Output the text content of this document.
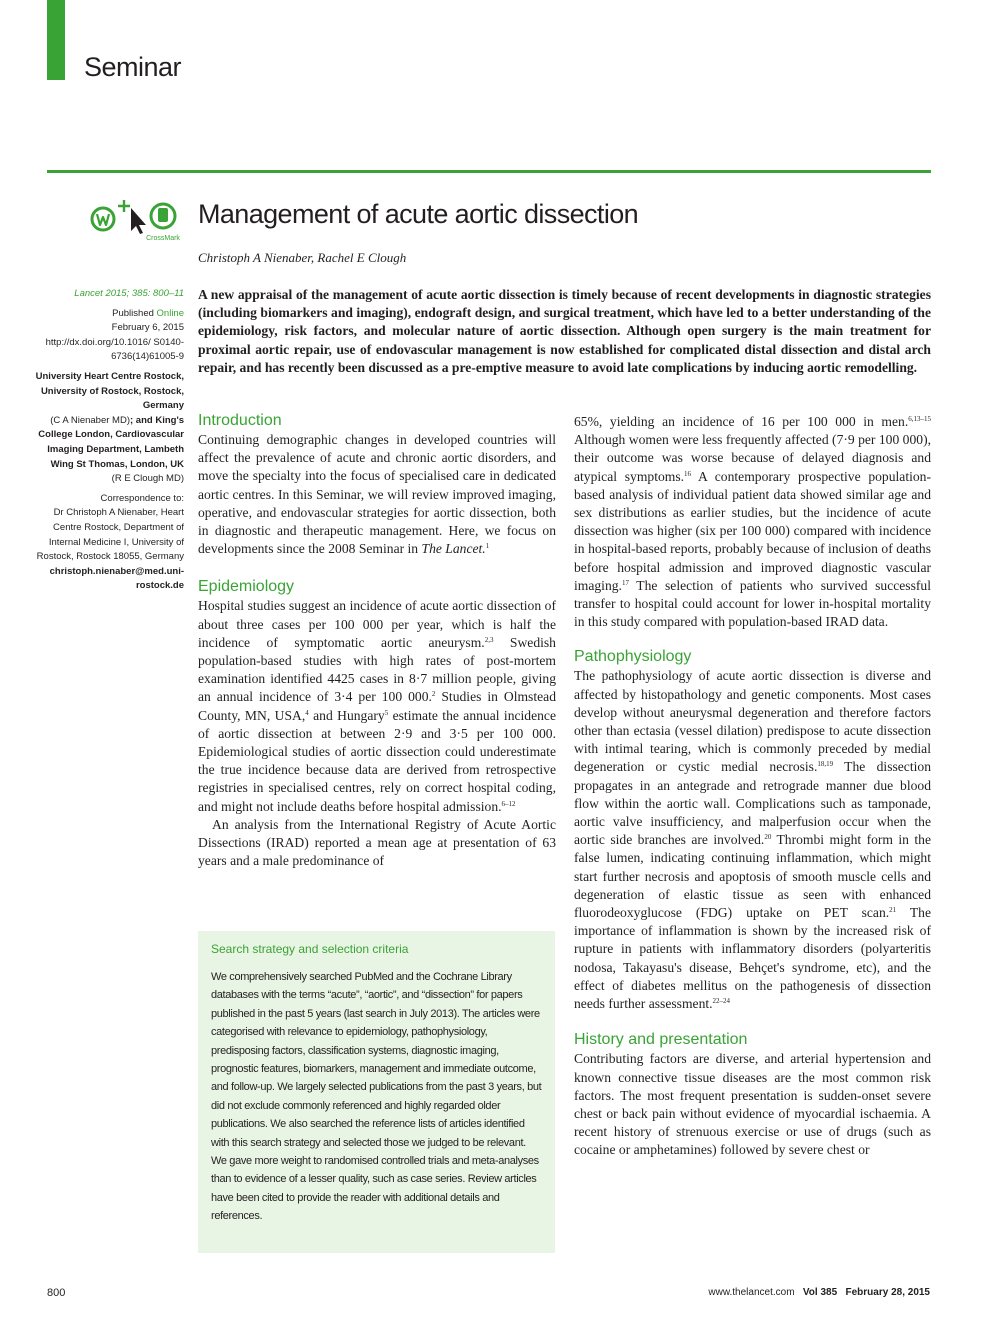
Seminar
CrossMark
Management of acute aortic dissection
Christoph A Nienaber, Rachel E Clough

Lancet 2015; 385: 800–11

Published Online
February 6, 2015
http://dx.doi.org/10.1016/ S0140-6736(14)61005-9

University Heart Centre Rostock, University of Rostock, Rostock, Germany
(C A Nienaber MD); and King's College London, Cardiovascular Imaging Department, Lambeth Wing St Thomas, London, UK
(R E Clough MD)

Correspondence to:
Dr Christoph A Nienaber, Heart Centre Rostock, Department of Internal Medicine I, University of Rostock, Rostock 18055, Germany
christoph.nienaber@med.uni-rostock.de

A new appraisal of the management of acute aortic dissection is timely because of recent developments in diagnostic strategies (including biomarkers and imaging), endograft design, and surgical treatment, which have led to a better understanding of the epidemiology, risk factors, and molecular nature of aortic dissection. Although open surgery is the main treatment for proximal aortic repair, use of endovascular management is now established for complicated distal dissection and distal arch repair, and has recently been discussed as a pre-emptive measure to avoid late complications by inducing aortic remodelling.
Introduction

Continuing demographic changes in developed countries will affect the prevalence of acute and chronic aortic disorders, and move the specialty into the focus of specialised care in dedicated aortic centres. In this Seminar, we will review improved imaging, operative, and endovascular strategies for aortic dissection, both in diagnostic and therapeutic management. Here, we focus on developments since the 2008 Seminar in The Lancet.$^1$

Epidemiology

Hospital studies suggest an incidence of acute aortic dissection of about three cases per 100 000 per year, which is half the incidence of symptomatic aortic aneurysm.$^{2,3}$ Swedish population-based studies with high rates of post-mortem examination identified 4425 cases in 8·7 million people, giving an annual incidence of 3·4 per 100 000.$^2$ Studies in Olmstead County, MN, USA,$^4$ and Hungary$^5$ estimate the annual incidence of aortic dissection at between 2·9 and 3·5 per 100 000. Epidemiological studies of aortic dissection could underestimate the true incidence because data are derived from retrospective registries in specialised centres, rely on correct hospital coding, and might not include deaths before hospital admission.$^{6-12}$

An analysis from the International Registry of Acute Aortic Dissections (IRAD) reported a mean age at presentation of 63 years and a male predominance of

Search strategy and selection criteria

We comprehensively searched PubMed and the Cochrane Library databases with the terms “acute”, “aortic”, and “dissection” for papers published in the past 5 years (last search in July 2013). The articles were categorised with relevance to epidemiology, pathophysiology, predisposing factors, classification systems, diagnostic imaging, prognostic features, biomarkers, management and immediate outcome, and follow-up. We largely selected publications from the past 3 years, but did not exclude commonly referenced and highly regarded older publications. We also searched the reference lists of articles identified with this search strategy and selected those we judged to be relevant. We gave more weight to randomised controlled trials and meta-analyses than to evidence of a lesser quality, such as case series. Review articles have been cited to provide the reader with additional details and references.

65%, yielding an incidence of 16 per 100 000 in men.$^{6,13-15}$ Although women were less frequently affected (7·9 per 100 000), their outcome was worse because of delayed diagnosis and atypical symptoms.$^{16}$ A contemporary prospective population-based analysis of individual patient data showed similar age and sex distributions as earlier studies, but the incidence of acute dissection was higher (six per 100 000) compared with incidence in hospital-based reports, probably because of inclusion of deaths before hospital admission and improved diagnostic vascular imaging.$^{17}$ The selection of patients who survived successful transfer to hospital could account for lower in-hospital mortality in this study compared with population-based IRAD data.

Pathophysiology

The pathophysiology of acute aortic dissection is diverse and affected by histopathology and genetic components. Most cases develop without aneurysmal degeneration and therefore factors other than ectasia (vessel dilation) predispose to acute dissection with intimal tearing, which is commonly preceded by medial degeneration or cystic medial necrosis.$^{18,19}$ The dissection propagates in an antegrade and retrograde manner due blood flow within the aortic wall. Complications such as tamponade, aortic valve insufficiency, and malperfusion occur when the aortic side branches are involved.$^{20}$ Thrombi might form in the false lumen, indicating continuing inflammation, which might start further necrosis and apoptosis of smooth muscle cells and degeneration of elastic tissue as seen with enhanced fluorodeoxyglucose (FDG) uptake on PET scan.$^{21}$ The importance of inflammation is shown by the increased risk of rupture in patients with inflammatory disorders (polyarteritis nodosa, Takayasu's disease, Behçet's syndrome, etc), and the effect of diabetes mellitus on the pathogenesis of dissection needs further assessment.$^{22-24}$

History and presentation

Contributing factors are diverse, and arterial hypertension and known connective tissue diseases are the most common risk factors. The most frequent presentation is sudden-onset severe chest or back pain without evidence of myocardial ischaemia. A recent history of strenuous exercise or use of drugs (such as cocaine or amphetamines) followed by severe chest or

800	www.thelancet.com Vol 385 February 28, 2015
